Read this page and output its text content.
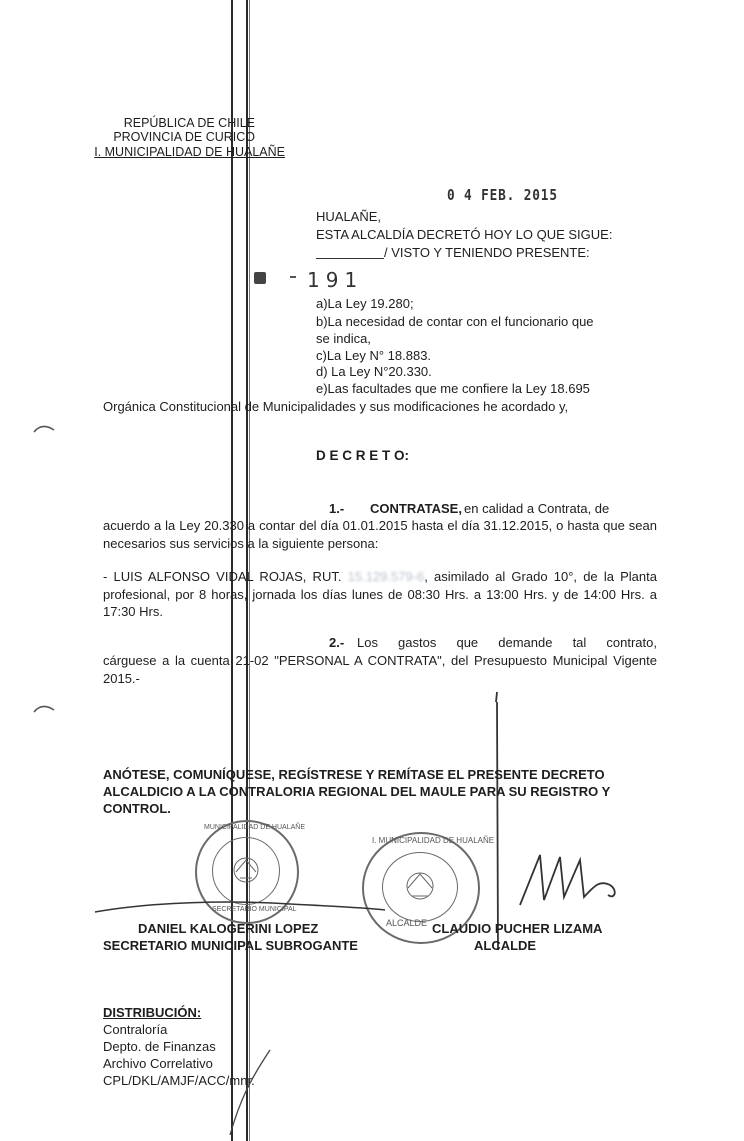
REPÚBLICA DE CHILE
PROVINCIA DE CURICO
I. MUNICIPALIDAD DE HUALAÑE
0 4 FEB. 2015
HUALAÑE,
ESTA ALCALDÍA DECRETÓ HOY LO QUE SIGUE:
/ VISTO Y TENIENDO PRESENTE:
191
a)La Ley 19.280;
b)La necesidad de contar con el funcionario que
se indica,
c)La Ley N° 18.883.
d) La Ley N°20.330.
e)Las facultades que me confiere la Ley 18.695
Orgánica Constitucional de Municipalidades y sus modificaciones he acordado y,
D E C R E T O:
1.- CONTRATASE, en calidad a Contrata, de
acuerdo a la Ley 20.330 a contar del día 01.01.2015 hasta el día 31.12.2015, o hasta que sean necesarios sus servicios a la siguiente persona:
- LUIS ALFONSO VIDAL ROJAS, RUT. 15.129.579-6, asimilado al Grado 10°, de la Planta profesional, por 8 horas, jornada los días lunes de 08:30 Hrs. a 13:00 Hrs. y de 14:00 Hrs. a 17:30 Hrs.
2.- Los gastos que demande tal contrato,
cárguese a la cuenta 21-02 "PERSONAL A CONTRATA", del Presupuesto Municipal Vigente 2015.-
ANÓTESE, COMUNÍQUESE, REGÍSTRESE Y REMÍTASE EL PRESENTE DECRETO
ALCALDICIO A LA CONTRALORIA REGIONAL DEL MAULE PARA SU REGISTRO Y
CONTROL.
MUNICIPALIDAD DE HUALAÑE
SECRETARIO MUNICIPAL
I. MUNICIPALIDAD DE HUALAÑE
ALCALDE
DANIEL KALOGERINI LOPEZ
SECRETARIO MUNICIPAL SUBROGANTE
CLAUDIO PUCHER LIZAMA
ALCALDE
DISTRIBUCIÓN:
Contraloría
Depto. de Finanzas
Archivo Correlativo
CPL/DKL/AMJF/ACC/mnr.
